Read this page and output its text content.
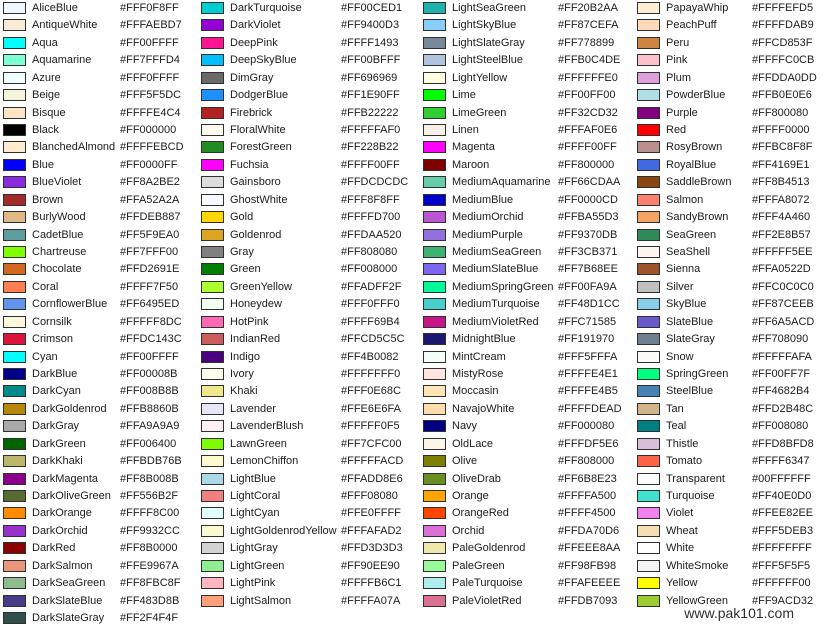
AliceBlue	#FFF0F8FF
AntiqueWhite #FFFAEBD7
Aqua	#FF00FFFF
Aquamarine	#FF7FFFD4
Azure	#FFF0FFFF
Beige	#FFF5F5DC
Bisque	#FFFFE4C4
Black	#FF000000
BlanchedAlmond #FFFFEBCD
Blue	#FF0000FF
BlueViolet	#FF8A2BE2
Brown	#FFA52A2A
BurlyWood	#FFDEB887
CadetBlue	#FF5F9EA0
Chartreuse	#FF7FFF00
Chocolate	#FFD2691E
Coral	#FFFF7F50
CornflowerBlue #FF6495ED
Cornsilk	#FFFFF8DC
Crimson	#FFDC143C
Cyan	#FF00FFFF
DarkBlue	#FF00008B
DarkCyan	#FF008B8B
DarkGoldenrod #FFB8860B
DarkGray	#FFA9A9A9
DarkGreen	#FF006400
DarkKhaki	#FFBDB76B
DarkMagenta #FF8B008B
DarkOliveGreen #FF556B2F
DarkOrange	#FFFF8C00
DarkOrchid	#FF9932CC
DarkRed	#FF8B0000
DarkSalmon #FFE9967A
DarkSeaGreen #FF8FBC8F
DarkSlateBlue #FF483D8B
DarkSlateGray #FF2F4F4F
DarkTurquoise	#FF00CED1
DarkViolet	#FF9400D3
DeepPink	#FFFF1493
DeepSkyBlue	#FF00BFFF
DimGray	#FF696969
DodgerBlue	#FF1E90FF
Firebrick	#FFB22222
FloralWhite	#FFFFFAF0
ForestGreen	#FF228B22
Fuchsia	#FFFF00FF
Gainsboro	#FFDCDCDC
GhostWhite	#FFF8F8FF
Gold	#FFFFD700
Goldenrod	#FFDAA520
Gray	#FF808080
Green	#FF008000
GreenYellow	#FFADFF2F
Honeydew	#FFF0FFF0
HotPink	#FFFF69B4
IndianRed	#FFCD5C5C
Indigo	#FF4B0082
Ivory	#FFFFFFF0
Khaki	#FFF0E68C
Lavender	#FFE6E6FA
LavenderBlush	#FFFFF0F5
LawnGreen	#FF7CFC00
LemonChiffon	#FFFFFACD
LightBlue	#FFADD8E6
LightCoral	#FFF08080
LightCyan	#FFE0FFFF
LightGoldenrodYellow #FFFAFAD2
LightGray	#FFD3D3D3
LightGreen	#FF90EE90
LightPink	#FFFFB6C1
LightSalmon	#FFFFA07A
LightSeaGreen	#FF20B2AA
LightSkyBlue	#FF87CEFA
LightSlateGray	#FF778899
LightSteelBlue	#FFB0C4DE
LightYellow	#FFFFFFE0
Lime	#FF00FF00
LimeGreen	#FF32CD32
Linen	#FFFAF0E6
Magenta	#FFFF00FF
Maroon	#FF800000
MediumAquamarine #FF66CDAA
MediumBlue	#FF0000CD
MediumOrchid	#FFBA55D3
MediumPurple	#FF9370DB
MediumSeaGreen #FF3CB371
MediumSlateBlue #FF7B68EE
MediumSpringGreen #FF00FA9A
MediumTurquoise #FF48D1CC
MediumVioletRed #FFC71585
MidnightBlue	#FF191970
MintCream	#FFF5FFFA
MistyRose	#FFFFE4E1
Moccasin	#FFFFE4B5
NavajoWhite	#FFFFDEAD
Navy	#FF000080
OldLace	#FFFDF5E6
Olive	#FF808000
OliveDrab	#FF6B8E23
Orange	#FFFFA500
OrangeRed	#FFFF4500
Orchid	#FFDA70D6
PaleGoldenrod	#FFEEE8AA
PaleGreen	#FF98FB98
PaleTurquoise	#FFAFEEEE
PaleVioletRed	#FFDB7093
PapayaWhip #FFFFEFD5
PeachPuff	#FFFFDAB9
Peru	#FFCD853F
Pink	#FFFFC0CB
Plum	#FFDDA0DD
PowderBlue #FFB0E0E6
Purple	#FF800080
Red	#FFFF0000
RosyBrown	#FFBC8F8F
RoyalBlue	#FF4169E1
SaddleBrown #FF8B4513
Salmon	#FFFA8072
SandyBrown #FFF4A460
SeaGreen	#FF2E8B57
SeaShell	#FFFFF5EE
Sienna	#FFA0522D
Silver	#FFC0C0C0
SkyBlue	#FF87CEEB
SlateBlue	#FF6A5ACD
SlateGray	#FF708090
Snow	#FFFFFAFA
SpringGreen #FF00FF7F
SteelBlue	#FF4682B4
Tan	#FFD2B48C
Teal	#FF008080
Thistle	#FFD8BFD8
Tomato	#FFFF6347
Transparent #00FFFFFF
Turquoise	#FF40E0D0
Violet	#FFEE82EE
Wheat	#FFF5DEB3
White	#FFFFFFFF
WhiteSmoke #FFF5F5F5
Yellow	#FFFFFF00
YellowGreen #FF9ACD32
www.pak101.com
